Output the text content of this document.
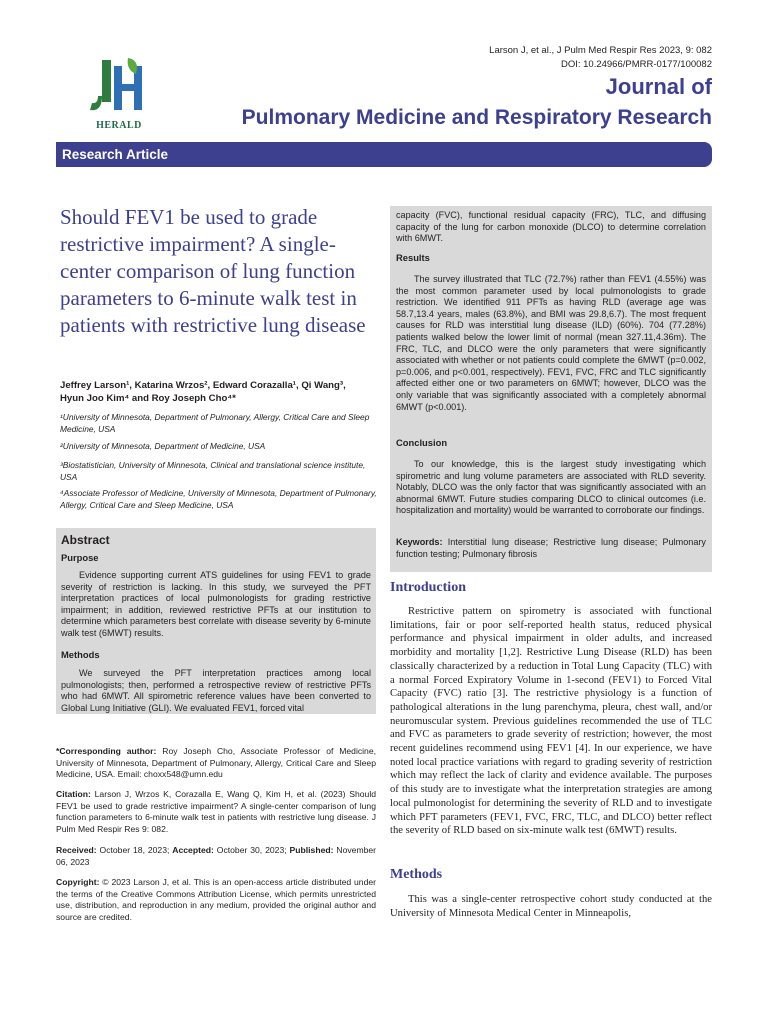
Larson J, et al., J Pulm Med Respir Res 2023, 9: 082
DOI: 10.24966/PMRR-0177/100082
HERALD
Journal of
Pulmonary Medicine and Respiratory Research
Research Article
Should FEV1 be used to grade restrictive impairment? A single-center comparison of lung function parameters to 6-minute walk test in patients with restrictive lung disease
Jeffrey Larson¹, Katarina Wrzos², Edward Corazalla¹, Qi Wang³,
Hyun Joo Kim⁴ and Roy Joseph Cho⁴*
¹University of Minnesota, Department of Pulmonary, Allergy, Critical Care and Sleep Medicine, USA
²University of Minnesota, Department of Medicine, USA
³Biostatistician, University of Minnesota, Clinical and translational science institute, USA
⁴Associate Professor of Medicine, University of Minnesota, Department of Pulmonary, Allergy, Critical Care and Sleep Medicine, USA
Abstract
Purpose
Evidence supporting current ATS guidelines for using FEV1 to grade severity of restriction is lacking. In this study, we surveyed the PFT interpretation practices of local pulmonologists for grading restrictive impairment; in addition, reviewed restrictive PFTs at our institution to determine which parameters best correlate with disease severity by 6-minute walk test (6MWT) results.
Methods
We surveyed the PFT interpretation practices among local pulmonologists; then, performed a retrospective review of restrictive PFTs who had 6MWT. All spirometric reference values have been converted to Global Lung Initiative (GLI). We evaluated FEV1, forced vital
capacity (FVC), functional residual capacity (FRC), TLC, and diffusing capacity of the lung for carbon monoxide (DLCO) to determine correlation with 6MWT.
Results
The survey illustrated that TLC (72.7%) rather than FEV1 (4.55%) was the most common parameter used by local pulmonologists to grade restriction. We identified 911 PFTs as having RLD (average age was 58.7,13.4 years, males (63.8%), and BMI was 29.8,6.7). The most frequent causes for RLD was interstitial lung disease (ILD) (60%). 704 (77.28%) patients walked below the lower limit of normal (mean 327.11,4.36m). The FRC, TLC, and DLCO were the only parameters that were significantly associated with whether or not patients could complete the 6MWT (p=0.002, p=0.006, and p<0.001, respectively). FEV1, FVC, FRC and TLC significantly affected either one or two parameters on 6MWT; however, DLCO was the only variable that was significantly associated with a completely abnormal 6MWT (p<0.001).
Conclusion
To our knowledge, this is the largest study investigating which spirometric and lung volume parameters are associated with RLD severity. Notably, DLCO was the only factor that was significantly associated with an abnormal 6MWT. Future studies comparing DLCO to clinical outcomes (i.e. hospitalization and mortality) would be warranted to corroborate our findings.
Keywords: Interstitial lung disease; Restrictive lung disease; Pulmonary function testing; Pulmonary fibrosis
*Corresponding author: Roy Joseph Cho, Associate Professor of Medicine, University of Minnesota, Department of Pulmonary, Allergy, Critical Care and Sleep Medicine, USA. Email: choxx548@umn.edu
Citation: Larson J, Wrzos K, Corazalla E, Wang Q, Kim H, et al. (2023) Should FEV1 be used to grade restrictive impairment? A single-center comparison of lung function parameters to 6-minute walk test in patients with restrictive lung disease. J Pulm Med Respir Res 9: 082.
Received: October 18, 2023; Accepted: October 30, 2023; Published: November 06, 2023
Copyright: © 2023 Larson J, et al. This is an open-access article distributed under the terms of the Creative Commons Attribution License, which permits unrestricted use, distribution, and reproduction in any medium, provided the original author and source are credited.
Introduction
Restrictive pattern on spirometry is associated with functional limitations, fair or poor self-reported health status, reduced physical performance and physical impairment in older adults, and increased morbidity and mortality [1,2]. Restrictive Lung Disease (RLD) has been classically characterized by a reduction in Total Lung Capacity (TLC) with a normal Forced Expiratory Volume in 1-second (FEV1) to Forced Vital Capacity (FVC) ratio [3]. The restrictive physiology is a function of pathological alterations in the lung parenchyma, pleura, chest wall, and/or neuromuscular system. Previous guidelines recommended the use of TLC and FVC as parameters to grade severity of restriction; however, the most recent guidelines recommend using FEV1 [4]. In our experience, we have noted local practice variations with regard to grading severity of restriction which may reflect the lack of clarity and evidence available. The purposes of this study are to investigate what the interpretation strategies are among local pulmonologist for determining the severity of RLD and to investigate which PFT parameters (FEV1, FVC, FRC, TLC, and DLCO) better reflect the severity of RLD based on six-minute walk test (6MWT) results.
Methods
This was a single-center retrospective cohort study conducted at the University of Minnesota Medical Center in Minneapolis,
